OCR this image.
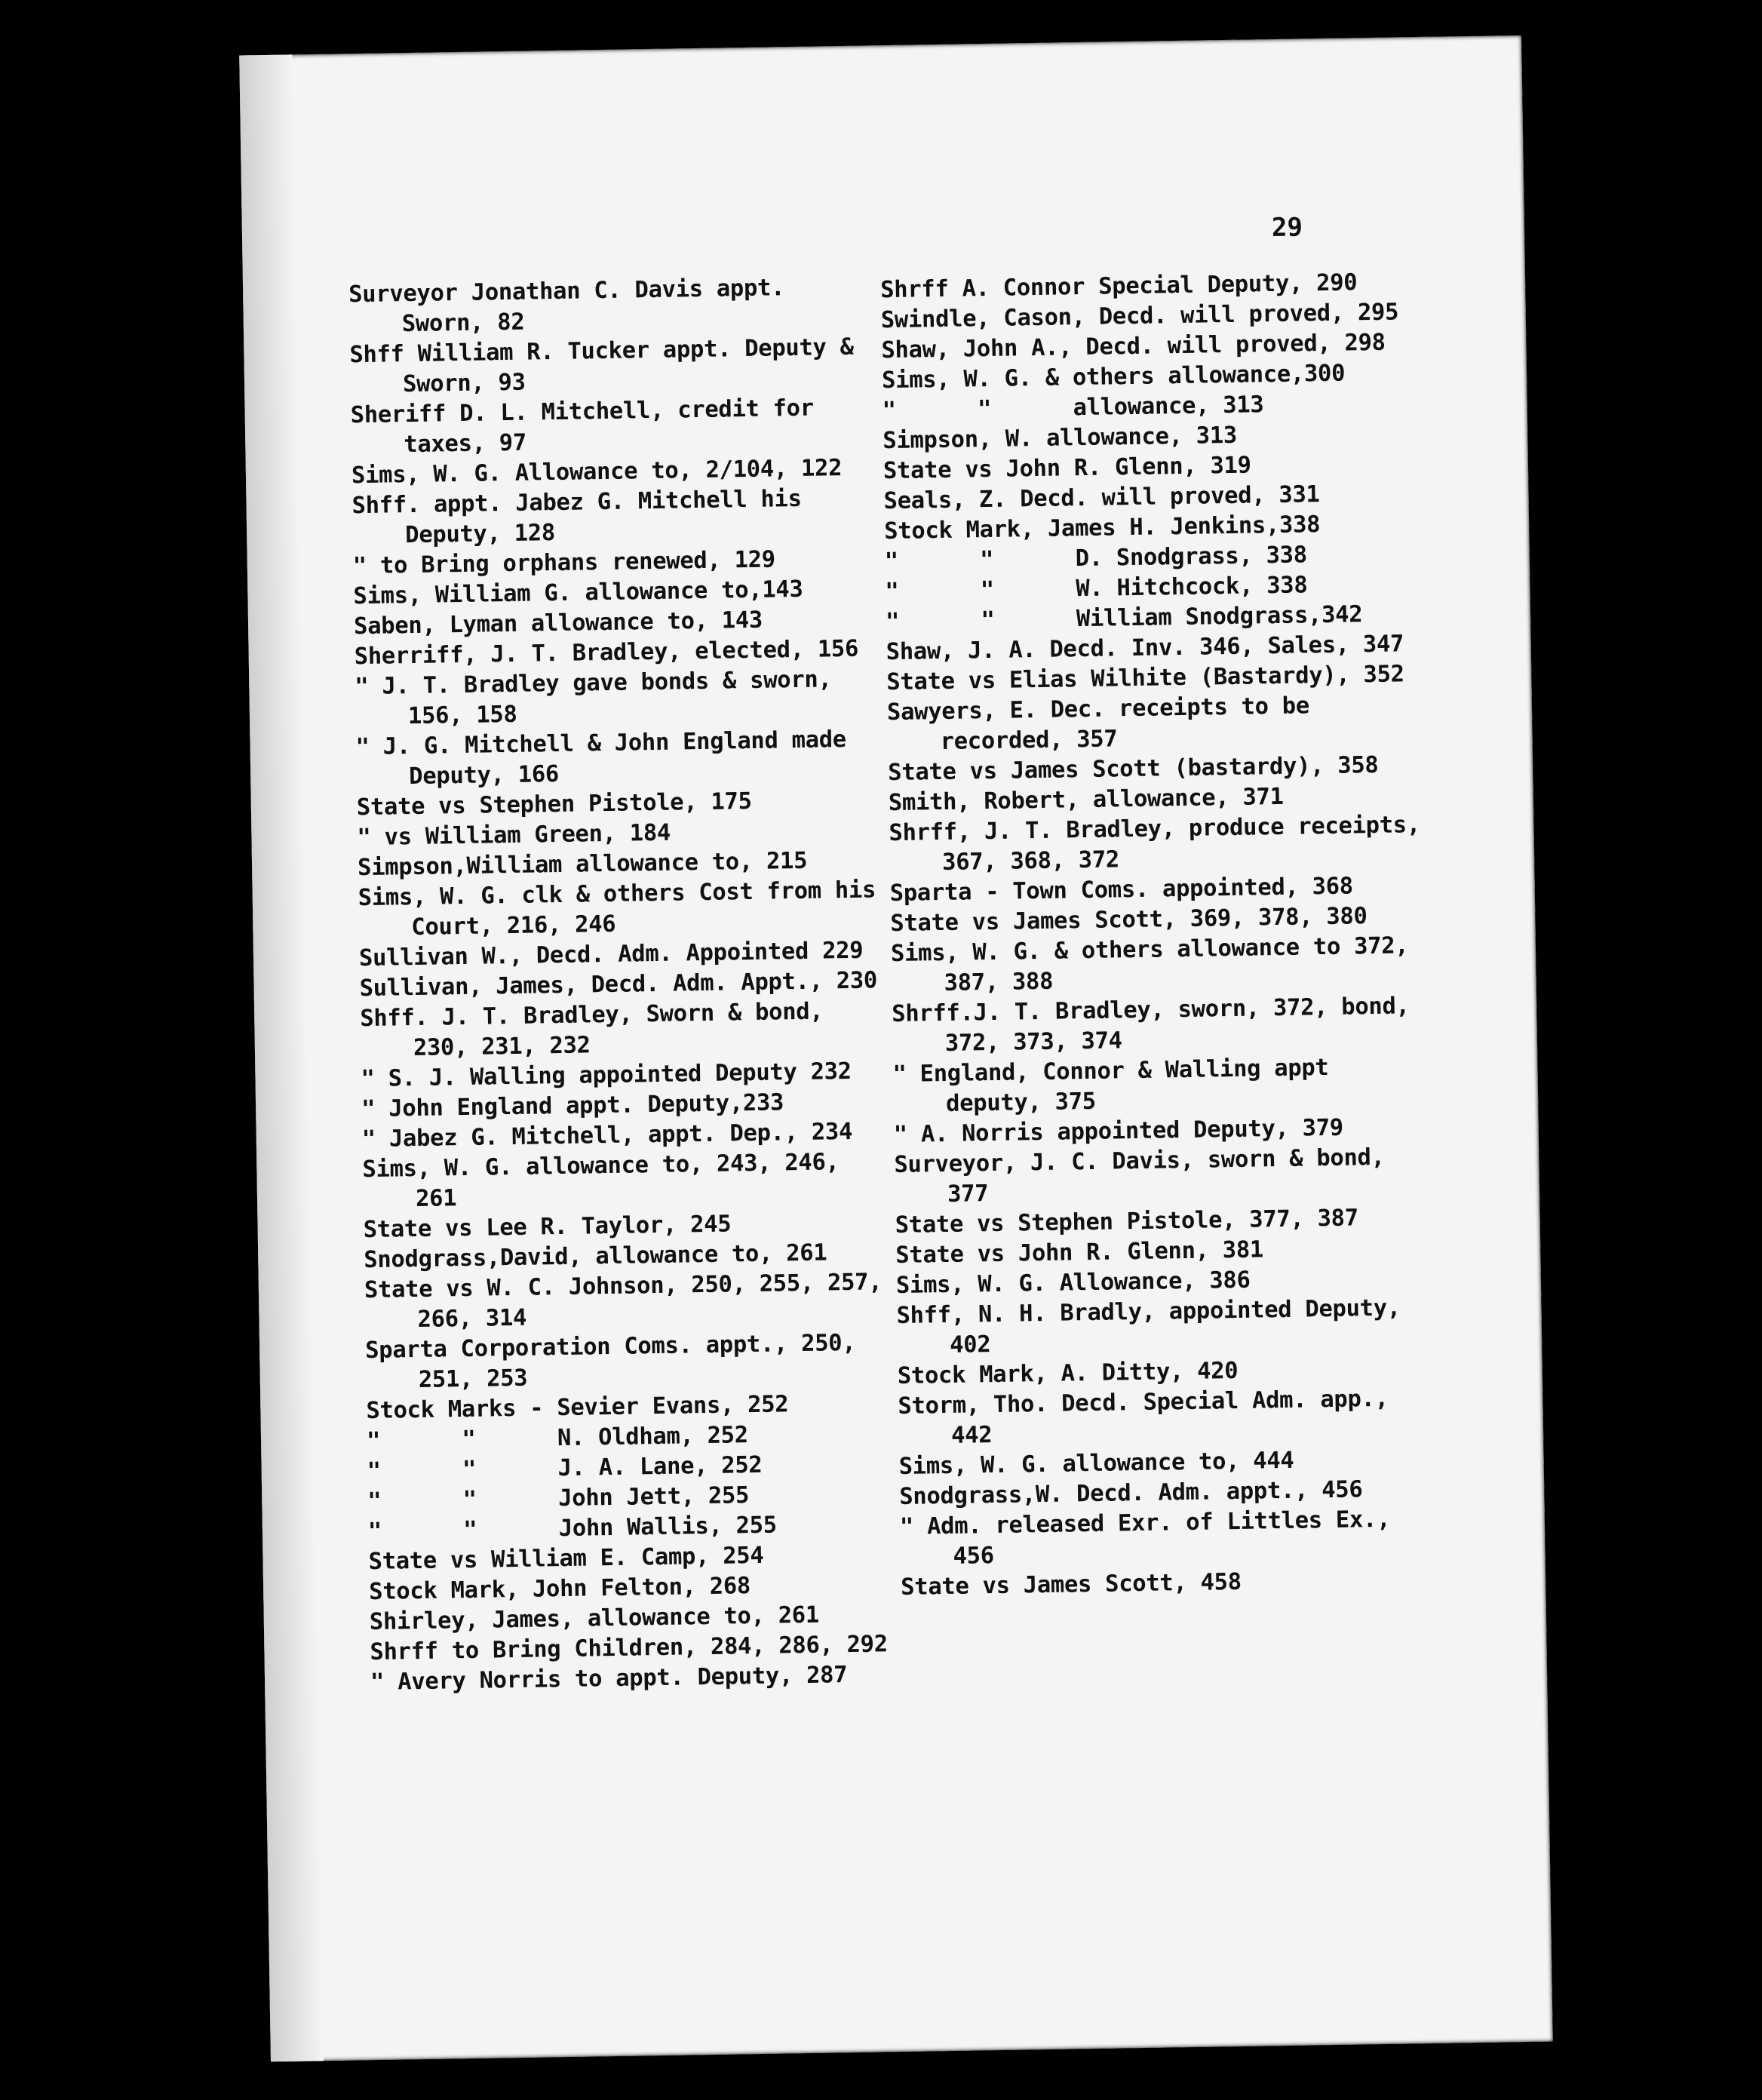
29

Surveyor Jonathan C. Davis appt. Sworn, 82

Shff William R. Tucker appt. Deputy & Sworn, 93

Sheriff D. L. Mitchell, credit for taxes, 97

Sims, W. G. Allowance to, 2/104, 122

Shff. appt. Jabez G. Mitchell his Deputy, 128

" to Bring orphans renewed, 129

Sims, William G. allowance to,143

Saben, Lyman allowance to, 143

Sherriff, J. T. Bradley, elected, 156

" J. T. Bradley gave bonds & sworn, 156, 158

" J. G. Mitchell & John England made Deputy, 166

State vs Stephen Pistole, 175

" vs William Green, 184

Simpson,William allowance to, 215

Sims, W. G. clk & others Cost from his Court, 216, 246

Sullivan W., Decd. Adm. Appointed 229

Sullivan, James, Decd. Adm. Appt., 230

Shff. J. T. Bradley, Sworn & bond, 230, 231, 232

" S. J. Walling appointed Deputy 232

" John England appt. Deputy,233

" Jabez G. Mitchell, appt. Dep., 234

Sims, W. G. allowance to, 243, 246, 261

State vs Lee R. Taylor, 245

Snodgrass,David, allowance to, 261

State vs W. C. Johnson, 250, 255, 257, 266, 314

Sparta Corporation Coms. appt., 250, 251, 253

Stock Marks - Sevier Evans, 252

"      "      N. Oldham, 252

"      "      J. A. Lane, 252

"      "      John Jett, 255

"      "      John Wallis, 255

State vs William E. Camp, 254

Stock Mark, John Felton, 268

Shirley, James, allowance to, 261

Shrff to Bring Children, 284, 286, 292

" Avery Norris to appt. Deputy, 287

Shrff A. Connor Special Deputy, 290

Swindle, Cason, Decd. will proved, 295

Shaw, John A., Decd. will proved, 298

Sims, W. G. & others allowance,300

"      "      allowance, 313

Simpson, W. allowance, 313

State vs John R. Glenn, 319

Seals, Z. Decd. will proved, 331

Stock Mark, James H. Jenkins,338

"      "      D. Snodgrass, 338

"      "      W. Hitchcock, 338

"      "      William Snodgrass,342

Shaw, J. A. Decd. Inv. 346, Sales, 347

State vs Elias Wilhite (Bastardy), 352

Sawyers, E. Dec. receipts to be recorded, 357

State vs James Scott (bastardy), 358

Smith, Robert, allowance, 371

Shrff, J. T. Bradley, produce receipts, 367, 368, 372

Sparta - Town Coms. appointed, 368

State vs James Scott, 369, 378, 380

Sims, W. G. & others allowance to 372, 387, 388

Shrff.J. T. Bradley, sworn, 372, bond, 372, 373, 374

" England, Connor & Walling appt deputy, 375

" A. Norris appointed Deputy, 379

Surveyor, J. C. Davis, sworn & bond, 377

State vs Stephen Pistole, 377, 387

State vs John R. Glenn, 381

Sims, W. G. Allowance, 386

Shff, N. H. Bradly, appointed Deputy, 402

Stock Mark, A. Ditty, 420

Storm, Tho. Decd. Special Adm. app., 442

Sims, W. G. allowance to, 444

Snodgrass,W. Decd. Adm. appt., 456

" Adm. released Exr. of Littles Ex., 456

State vs James Scott, 458
